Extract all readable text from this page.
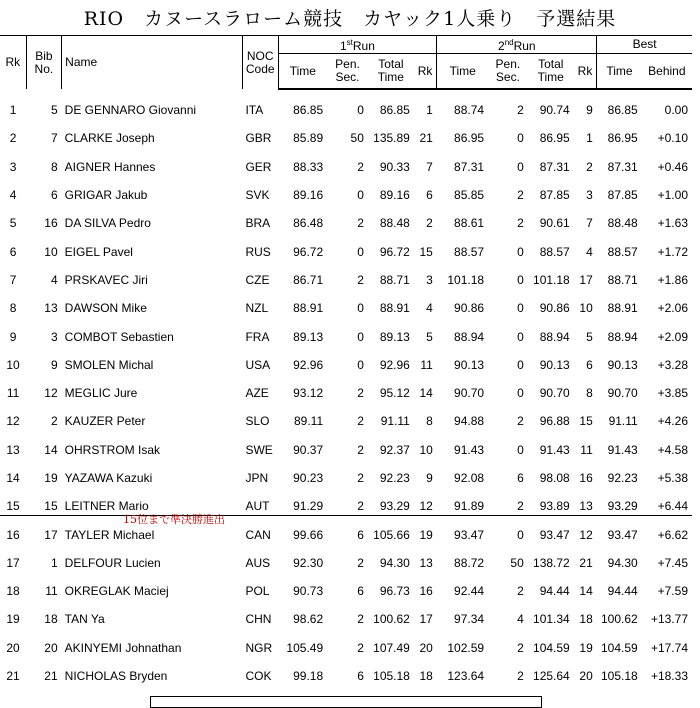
RIO　カヌースラローム競技　カヤック1人乗り　予選結果
Rk	Bib No.	Name	NOC Code	1stRun				2ndRun				Best	
				Time	Pen. Sec.	Total Time	Rk	Time	Pen. Sec.	Total Time	Rk	Time	Behind
1	5	DE GENNARO Giovanni	ITA	86.85	0	86.85	1	88.74	2	90.74	9	86.85	0.00
2	7	CLARKE Joseph	GBR	85.89	50	135.89	21	86.95	0	86.95	1	86.95	+0.10
3	8	AIGNER Hannes	GER	88.33	2	90.33	7	87.31	0	87.31	2	87.31	+0.46
4	6	GRIGAR Jakub	SVK	89.16	0	89.16	6	85.85	2	87.85	3	87.85	+1.00
5	16	DA SILVA Pedro	BRA	86.48	2	88.48	2	88.61	2	90.61	7	88.48	+1.63
6	10	EIGEL Pavel	RUS	96.72	0	96.72	15	88.57	0	88.57	4	88.57	+1.72
7	4	PRSKAVEC Jiri	CZE	86.71	2	88.71	3	101.18	0	101.18	17	88.71	+1.86
8	13	DAWSON Mike	NZL	88.91	0	88.91	4	90.86	0	90.86	10	88.91	+2.06
9	3	COMBOT Sebastien	FRA	89.13	0	89.13	5	88.94	0	88.94	5	88.94	+2.09
10	9	SMOLEN Michal	USA	92.96	0	92.96	11	90.13	0	90.13	6	90.13	+3.28
11	12	MEGLIC Jure	AZE	93.12	2	95.12	14	90.70	0	90.70	8	90.70	+3.85
12	2	KAUZER Peter	SLO	89.11	2	91.11	8	94.88	2	96.88	15	91.11	+4.26
13	14	OHRSTROM Isak	SWE	90.37	2	92.37	10	91.43	0	91.43	11	91.43	+4.58
14	19	YAZAWA Kazuki	JPN	90.23	2	92.23	9	92.08	6	98.08	16	92.23	+5.38
15	15	LEITNER Mario	AUT	91.29	2	93.29	12	91.89	2	93.89	13	93.29	+6.44
16	17	TAYLER Michael	CAN	99.66	6	105.66	19	93.47	0	93.47	12	93.47	+6.62
17	1	DELFOUR Lucien	AUS	92.30	2	94.30	13	88.72	50	138.72	21	94.30	+7.45
18	11	OKREGLAK Maciej	POL	90.73	6	96.73	16	92.44	2	94.44	14	94.44	+7.59
19	18	TAN Ya	CHN	98.62	2	100.62	17	97.34	4	101.34	18	100.62	+13.77
20	20	AKINYEMI Johnathan	NGR	105.49	2	107.49	20	102.59	2	104.59	19	104.59	+17.74
21	21	NICHOLAS Bryden	COK	99.18	6	105.18	18	123.64	2	125.64	20	105.18	+18.33
15位まで準決勝進出
